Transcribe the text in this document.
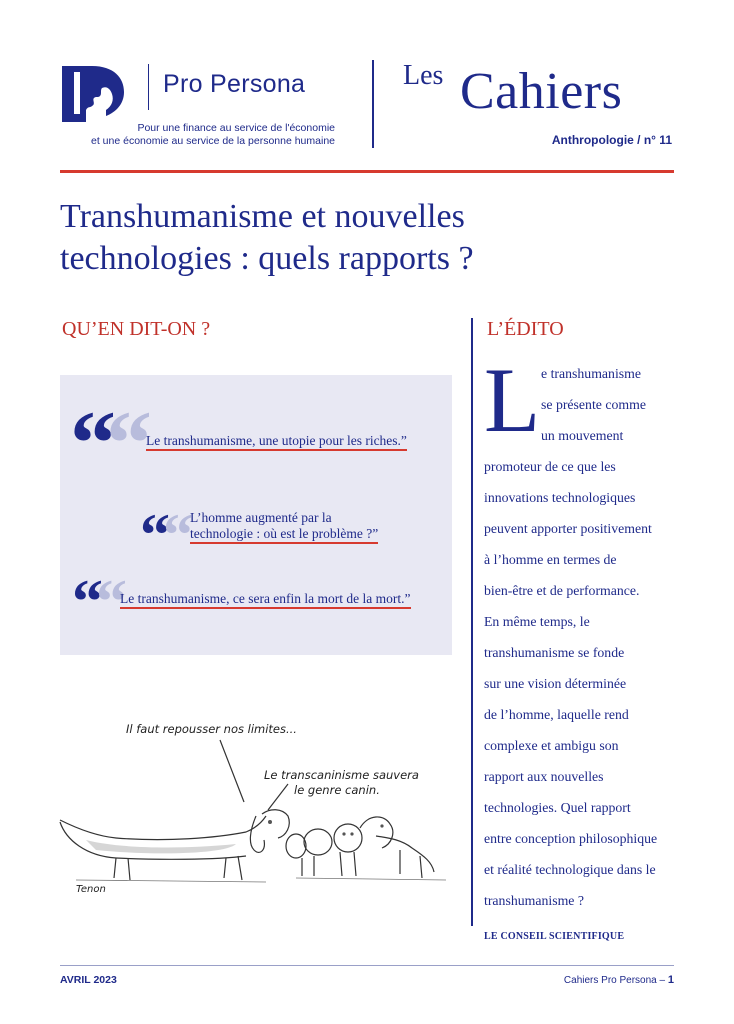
Pro Persona
Pour une finance au service de l'économie
et une économie au service de la personne humaine
Les Cahiers
Anthropologie / n° 11
Transhumanisme et nouvelles
technologies : quels rapports ?
QU’EN DIT-ON ?
““
Le transhumanisme, une utopie pour les riches.”
““
L’homme augmenté par la
technologie : où est le problème ?”
““
Le transhumanisme, ce sera enfin la mort de la mort.”
Il faut repousser nos limites...
Le transcaninisme sauvera
le genre canin.
Tenon
L’ÉDITO
L e transhumanisme
se présente comme
un mouvement
promoteur de ce que les
innovations technologiques
peuvent apporter positivement
à l’homme en termes de
bien-être et de performance.
En même temps, le
transhumanisme se fonde
sur une vision déterminée
de l’homme, laquelle rend
complexe et ambigu son
rapport aux nouvelles
technologies. Quel rapport
entre conception philosophique
et réalité technologique dans le
transhumanisme ?
LE CONSEIL SCIENTIFIQUE
AVRIL 2023	Cahiers Pro Persona – 1
